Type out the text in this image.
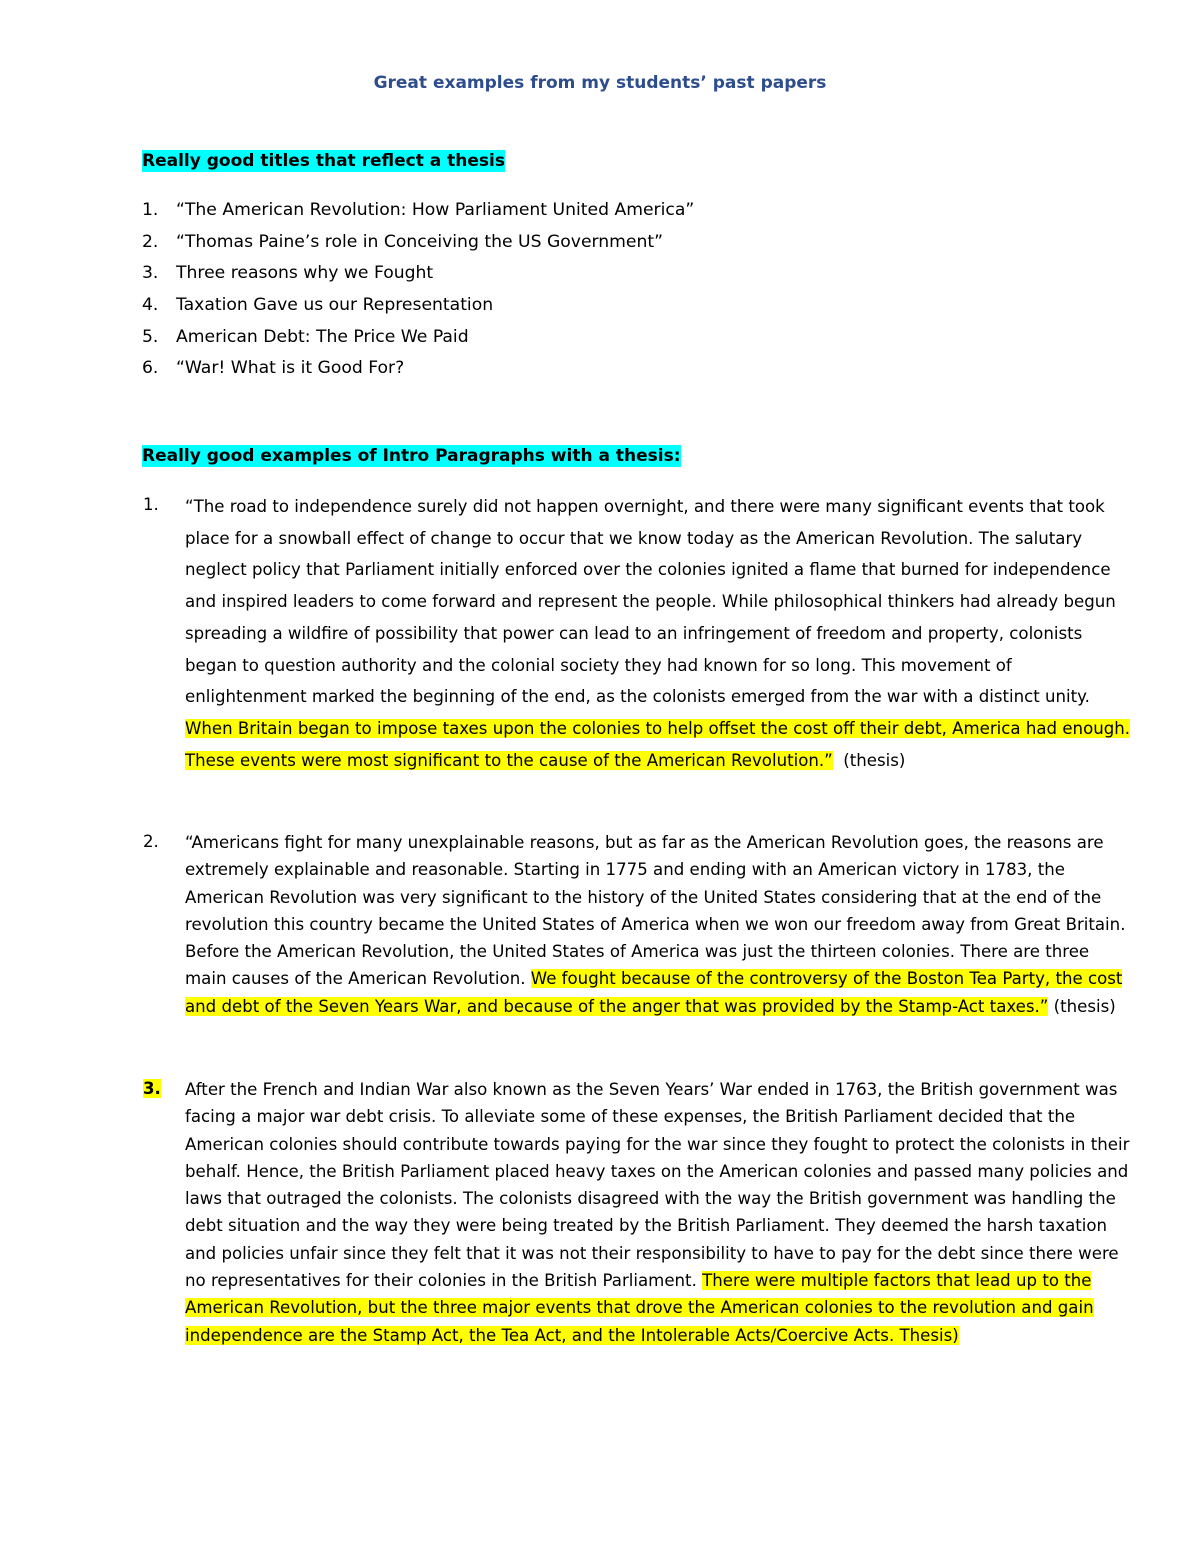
Great examples from my students’ past papers
Really good titles that reflect a thesis
1. “The American Revolution: How Parliament United America”
2. “Thomas Paine’s role in Conceiving the US Government”
3. Three reasons why we Fought
4. Taxation Gave us our Representation
5. American Debt: The Price We Paid
6. “War! What is it Good For?
Really good examples of Intro Paragraphs with a thesis:
1. “The road to independence surely did not happen overnight, and there were many significant events that took place for a snowball effect of change to occur that we know today as the American Revolution. The salutary neglect policy that Parliament initially enforced over the colonies ignited a flame that burned for independence and inspired leaders to come forward and represent the people. While philosophical thinkers had already begun spreading a wildfire of possibility that power can lead to an infringement of freedom and property, colonists began to question authority and the colonial society they had known for so long. This movement of enlightenment marked the beginning of the end, as the colonists emerged from the war with a distinct unity. When Britain began to impose taxes upon the colonies to help offset the cost off their debt, America had enough. These events were most significant to the cause of the American Revolution.”  (thesis)
2. “Americans fight for many unexplainable reasons, but as far as the American Revolution goes, the reasons are extremely explainable and reasonable. Starting in 1775 and ending with an American victory in 1783, the American Revolution was very significant to the history of the United States considering that at the end of the revolution this country became the United States of America when we won our freedom away from Great Britain. Before the American Revolution, the United States of America was just the thirteen colonies. There are three main causes of the American Revolution. We fought because of the controversy of the Boston Tea Party, the cost and debt of the Seven Years War, and because of the anger that was provided by the Stamp-Act taxes.” (thesis)
3. After the French and Indian War also known as the Seven Years’ War ended in 1763, the British government was facing a major war debt crisis. To alleviate some of these expenses, the British Parliament decided that the American colonies should contribute towards paying for the war since they fought to protect the colonists in their behalf. Hence, the British Parliament placed heavy taxes on the American colonies and passed many policies and laws that outraged the colonists. The colonists disagreed with the way the British government was handling the debt situation and the way they were being treated by the British Parliament. They deemed the harsh taxation and policies unfair since they felt that it was not their responsibility to have to pay for the debt since there were no representatives for their colonies in the British Parliament. There were multiple factors that lead up to the American Revolution, but the three major events that drove the American colonies to the revolution and gain independence are the Stamp Act, the Tea Act, and the Intolerable Acts/Coercive Acts. Thesis)
